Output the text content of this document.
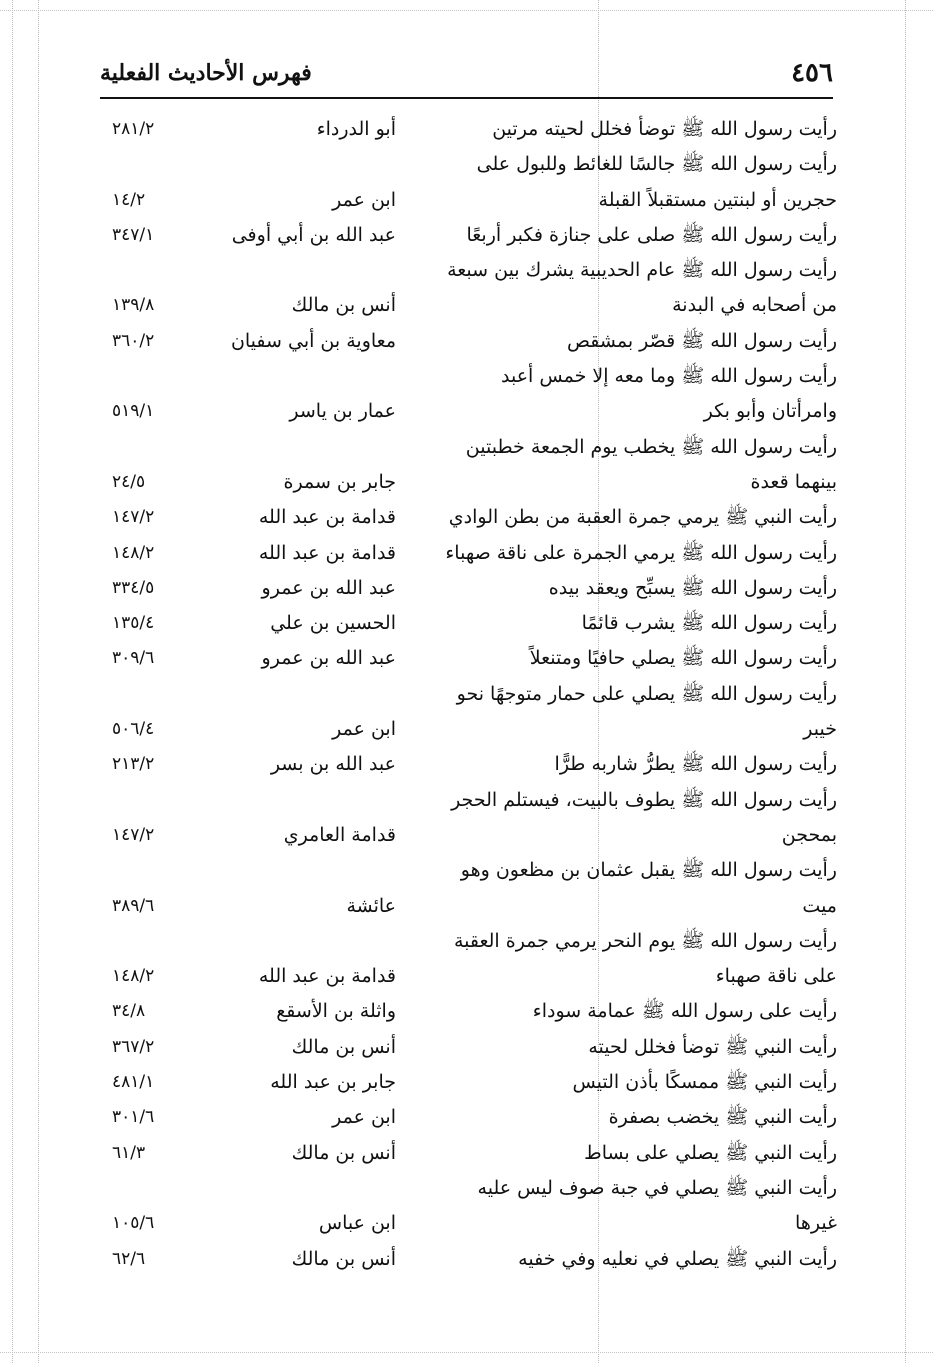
٤٥٦
فهرس الأحاديث الفعلية
رأيت رسول الله ﷺ توضأ فخلل لحيته مرتين
أبو الدرداء
٢٨١/٢
رأيت رسول الله ﷺ جالسًا للغائط وللبول على
حجرين أو لبنتين مستقبلاً القبلة
ابن عمر
١٤/٢
رأيت رسول الله ﷺ صلى على جنازة فكبر أربعًا
عبد الله بن أبي أوفى
٣٤٧/١
رأيت رسول الله ﷺ عام الحديبية يشرك بين سبعة
من أصحابه في البدنة
أنس بن مالك
١٣٩/٨
رأيت رسول الله ﷺ قصّر بمشقص
معاوية بن أبي سفيان
٣٦٠/٢
رأيت رسول الله ﷺ وما معه إلا خمس أعبد
وامرأتان وأبو بكر
عمار بن ياسر
٥١٩/١
رأيت رسول الله ﷺ يخطب يوم الجمعة خطبتين
بينهما قعدة
جابر بن سمرة
٢٤/٥
رأيت النبي ﷺ يرمي جمرة العقبة من بطن الوادي
قدامة بن عبد الله
١٤٧/٢
رأيت رسول الله ﷺ يرمي الجمرة على ناقة صهباء
قدامة بن عبد الله
١٤٨/٢
رأيت رسول الله ﷺ يسبِّح ويعقد بيده
عبد الله بن عمرو
٣٣٤/٥
رأيت رسول الله ﷺ يشرب قائمًا
الحسين بن علي
١٣٥/٤
رأيت رسول الله ﷺ يصلي حافيًا ومتنعلاً
عبد الله بن عمرو
٣٠٩/٦
رأيت رسول الله ﷺ يصلي على حمار متوجهًا نحو
خيبر
ابن عمر
٥٠٦/٤
رأيت رسول الله ﷺ يطرُّ شاربه طرًّا
عبد الله بن بسر
٢١٣/٢
رأيت رسول الله ﷺ يطوف بالبيت، فيستلم الحجر
بمحجن
قدامة العامري
١٤٧/٢
رأيت رسول الله ﷺ يقبل عثمان بن مظعون وهو
ميت
عائشة
٣٨٩/٦
رأيت رسول الله ﷺ يوم النحر يرمي جمرة العقبة
على ناقة صهباء
قدامة بن عبد الله
١٤٨/٢
رأيت على رسول الله ﷺ عمامة سوداء
واثلة بن الأسقع
٣٤/٨
رأيت النبي ﷺ توضأ فخلل لحيته
أنس بن مالك
٣٦٧/٢
رأيت النبي ﷺ ممسكًا بأذن التيس
جابر بن عبد الله
٤٨١/١
رأيت النبي ﷺ يخضب بصفرة
ابن عمر
٣٠١/٦
رأيت النبي ﷺ يصلي على بساط
أنس بن مالك
٦١/٣
رأيت النبي ﷺ يصلي في جبة صوف ليس عليه
غيرها
ابن عباس
١٠٥/٦
رأيت النبي ﷺ يصلي في نعليه وفي خفيه
أنس بن مالك
٦٢/٦
